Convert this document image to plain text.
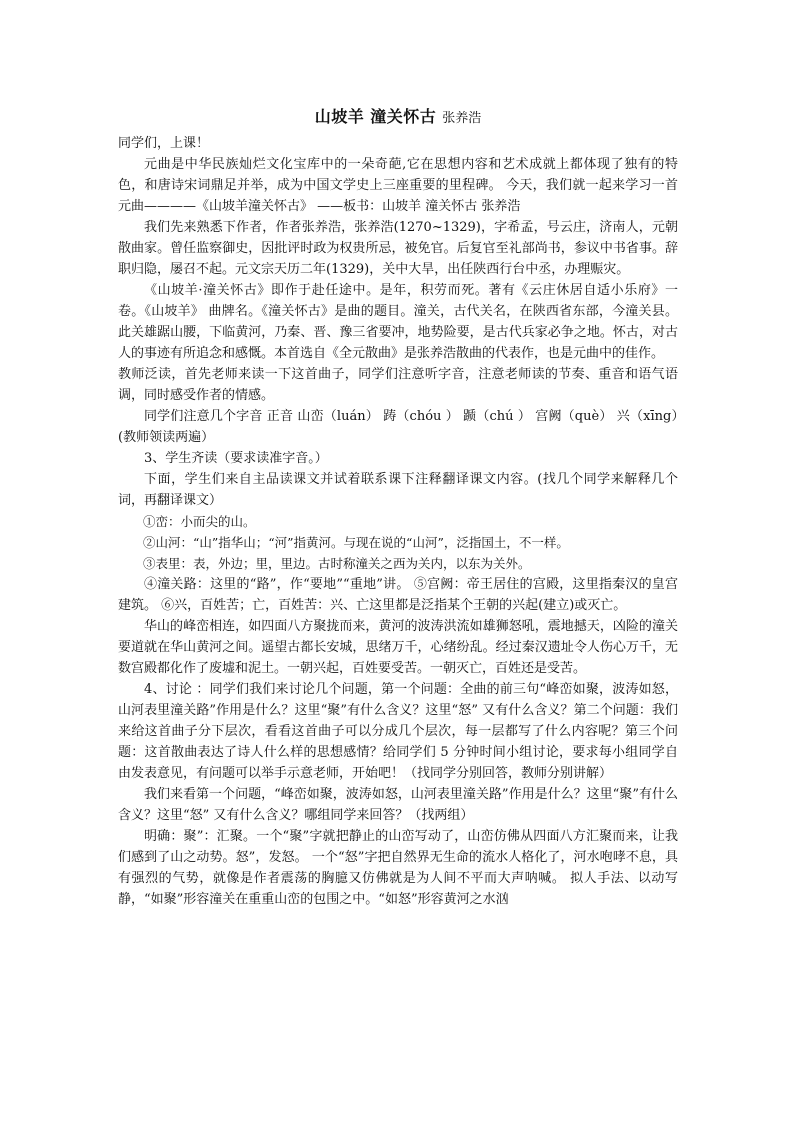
山坡羊 潼关怀古 张养浩

同学们，上课！

元曲是中华民族灿烂文化宝库中的一朵奇葩,它在思想内容和艺术成就上都体现了独有的特色，和唐诗宋词鼎足并举，成为中国文学史上三座重要的里程碑。 今天，我们就一起来学习一首元曲————《山坡羊潼关怀古》 ——板书：山坡羊 潼关怀古 张养浩

我们先来熟悉下作者，作者张养浩，张养浩(1270~1329)，字希孟，号云庄，济南人，元朝散曲家。曾任监察御史，因批评时政为权贵所忌，被免官。后复官至礼部尚书，参议中书省事。辞职归隐，屡召不起。元文宗天历二年(1329)，关中大旱，出任陕西行台中丞，办理赈灾。

《山坡羊·潼关怀古》即作于赴任途中。是年，积劳而死。著有《云庄休居自适小乐府》一卷。《山坡羊》 曲牌名。《潼关怀古》是曲的题目。潼关，古代关名，在陕西省东部，今潼关县。此关雄踞山腰，下临黄河，乃秦、晋、豫三省要冲，地势险要，是古代兵家必争之地。怀古，对古人的事迹有所追念和感慨。本首选自《全元散曲》是张养浩散曲的代表作，也是元曲中的佳作。

教师泛读，首先老师来读一下这首曲子，同学们注意听字音，注意老师读的节奏、重音和语气语调，同时感受作者的情感。

同学们注意几个字音 正音 山峦（luán） 踌（chóu ） 踬（chú ） 宫阙（què） 兴（xīng）(教师领读两遍）

3、学生齐读（要求读准字音。）

下面，学生们来自主品读课文并试着联系课下注释翻译课文内容。(找几个同学来解释几个词，再翻译课文）

①峦：小而尖的山。

②山河：“山”指华山；“河”指黄河。与现在说的“山河”，泛指国土，不一样。

③表里：表，外边；里，里边。古时称潼关之西为关内，以东为关外。

④潼关路：这里的“路”，作“要地”“重地”讲。 ⑤宫阙：帝王居住的宫殿，这里指秦汉的皇宫建筑。 ⑥兴，百姓苦；亡，百姓苦：兴、亡这里都是泛指某个王朝的兴起(建立)或灭亡。

华山的峰峦相连，如四面八方聚拢而来，黄河的波涛洪流如雄狮怒吼，震地撼天，凶险的潼关要道就在华山黄河之间。遥望古都长安城，思绪万千，心绪纷乱。经过秦汉遗址令人伤心万千，无数宫殿都化作了废墟和泥土。一朝兴起，百姓要受苦。一朝灭亡，百姓还是受苦。

4、讨论 ：同学们我们来讨论几个问题，第一个问题：全曲的前三句“峰峦如聚，波涛如怒，山河表里潼关路”作用是什么？这里“聚”有什么含义？这里“怒” 又有什么含义？第二个问题：我们来给这首曲子分下层次，看看这首曲子可以分成几个层次，每一层都写了什么内容呢？第三个问题：这首散曲表达了诗人什么样的思想感情？给同学们 5 分钟时间小组讨论，要求每小组同学自由发表意见，有问题可以举手示意老师，开始吧！（找同学分别回答，教师分别讲解）

我们来看第一个问题，“峰峦如聚，波涛如怒，山河表里潼关路”作用是什么？这里“聚”有什么含义？这里“怒” 又有什么含义？哪组同学来回答？（找两组）

明确：聚”：汇聚。一个“聚”字就把静止的山峦写动了，山峦仿佛从四面八方汇聚而来，让我们感到了山之动势。怒”，发怒。 一个“怒”字把自然界无生命的流水人格化了，河水咆哮不息，具有强烈的气势，就像是作者震荡的胸臆又仿佛就是为人间不平而大声呐喊。 拟人手法、以动写静，“如聚”形容潼关在重重山峦的包围之中。“如怒”形容黄河之水汹
